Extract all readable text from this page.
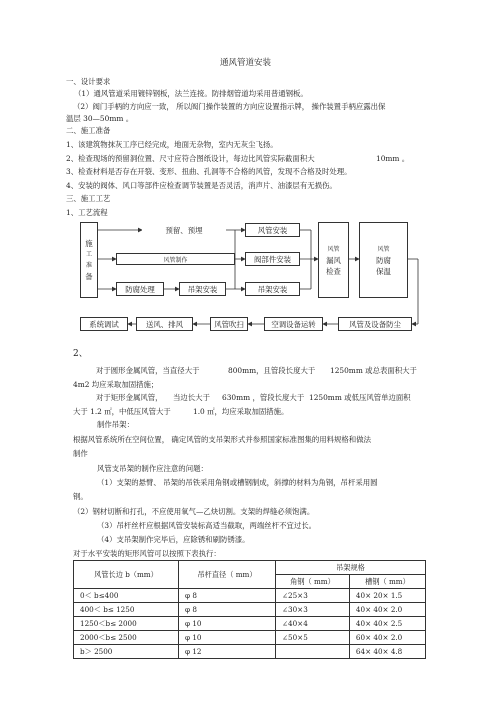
通风管道安装
一、设计要求
（1）通风管道采用镀锌钢板，法兰连接。防排烟管道均采用普通钢板。
（2）阀门手柄的方向应一致， 所以阀门操作装置的方向应设置指示牌， 操作装置手柄应露出保
温层 30—50mm 。
二、施工准备
1、该建筑物抹灰工序已经完成，地面无杂物，室内无灰尘飞扬。
2、检查现场的预留洞位置、尺寸应符合图纸设计，每边比风管实际截面积大	10mm 。
3、检查材料是否存在开裂、变形、扭曲、孔洞等不合格的风管，发现不合格及时处理。
4、安装的阀体、风口等部件应检查调节装置是否灵活，消声片、油漆层有无损伤。
三、施工工艺
1、工艺流程
施
工
准
备
预留、预埋
风管制作
防腐处理	吊架安装
风管安装
阀部件安装
吊架安装
风管
漏风
检查
风管
防腐
保温
风管及设备防尘
空调设备运转
风管吹扫
送风、排风
系统调试
2、
对于圆形金属风管，当直径大于	800mm，且管段长度大于 1250mm 或总表面积大于
4m2 均应采取加固措施；
对于矩形金属风管， 当边长大于 630mm ，管段长度大于 1250mm 或低压风管单边面积
大于 1.2 ㎡，中低压风管大于	1.0 ㎡，均应采取加固措施。
制作吊架：
根据风管系统所在空间位置， 确定风管的支吊架形式并参照国家标准图集的用料规格和做法
制作
风管支吊架的制作应注意的问题：
（1）支架的悬臂、 吊架的吊铁采用角钢或槽钢制成，斜撑的材料为角钢，吊杆采用圆
钢。
（2）钢材切断和打孔，不应使用氧气—乙炔切割。支架的焊缝必须饱满。
（3）吊杆丝杆应根据风管安装标高适当截取，两端丝杆不宜过长。
（4）支吊架制作完毕后，应除锈和刷防锈漆。
对于水平安装的矩形风管可以按照下表执行：
风管长边 b（mm）	吊杆直径（ mm）	吊架规格	
		角钢（ mm）	槽钢（ mm）
0＜ b≤400	φ 8	∠25×3	40× 20× 1.5
400＜ b≤ 1250	φ 8	∠30×3	40× 40× 2.0
1250＜b≤ 2000	φ 10	∠40×4	40× 40× 2.5
2000＜b≤ 2500	φ 10	∠50×5	60× 40× 2.0
b＞ 2500	φ 12		64× 40× 4.8
